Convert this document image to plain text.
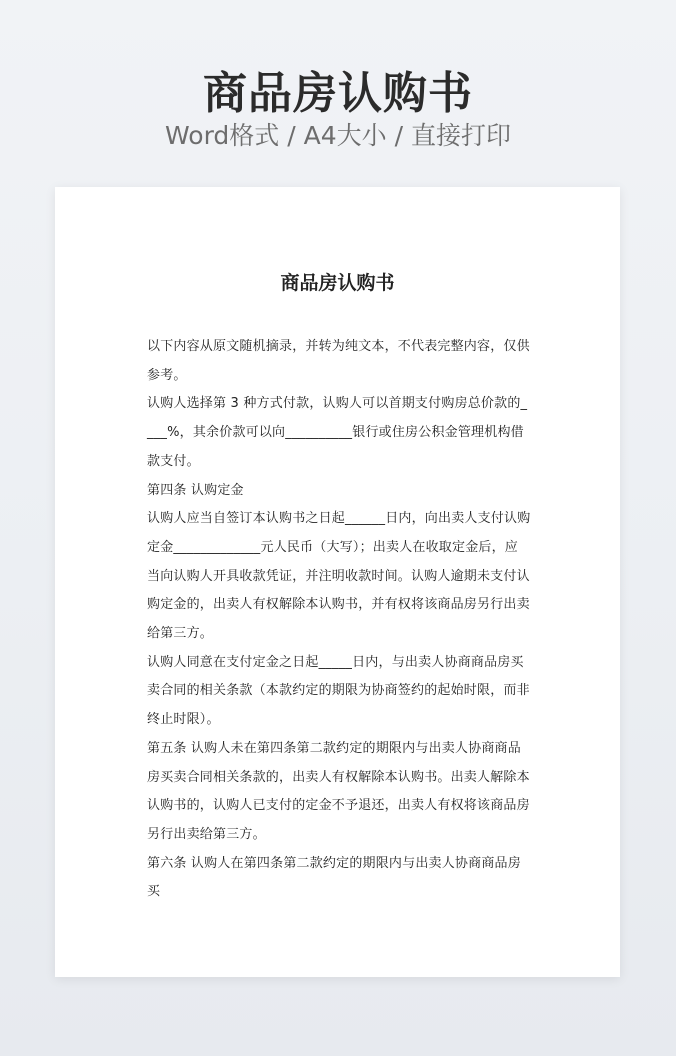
商品房认购书
Word格式 / A4大小 / 直接打印
商品房认购书

以下内容从原文随机摘录，并转为纯文本，不代表完整内容，仅供参考。

认购人选择第 3 种方式付款，认购人可以首期支付购房总价款的____%，其余价款可以向__________银行或住房公积金管理机构借款支付。

第四条 认购定金

认购人应当自签订本认购书之日起______日内，向出卖人支付认购定金_____________元人民币（大写）；出卖人在收取定金后，应当向认购人开具收款凭证，并注明收款时间。认购人逾期未支付认购定金的，出卖人有权解除本认购书，并有权将该商品房另行出卖给第三方。

认购人同意在支付定金之日起_____日内，与出卖人协商商品房买卖合同的相关条款（本款约定的期限为协商签约的起始时限，而非终止时限）。

第五条 认购人未在第四条第二款约定的期限内与出卖人协商商品房买卖合同相关条款的，出卖人有权解除本认购书。出卖人解除本认购书的，认购人已支付的定金不予退还，出卖人有权将该商品房另行出卖给第三方。

第六条 认购人在第四条第二款约定的期限内与出卖人协商商品房买
